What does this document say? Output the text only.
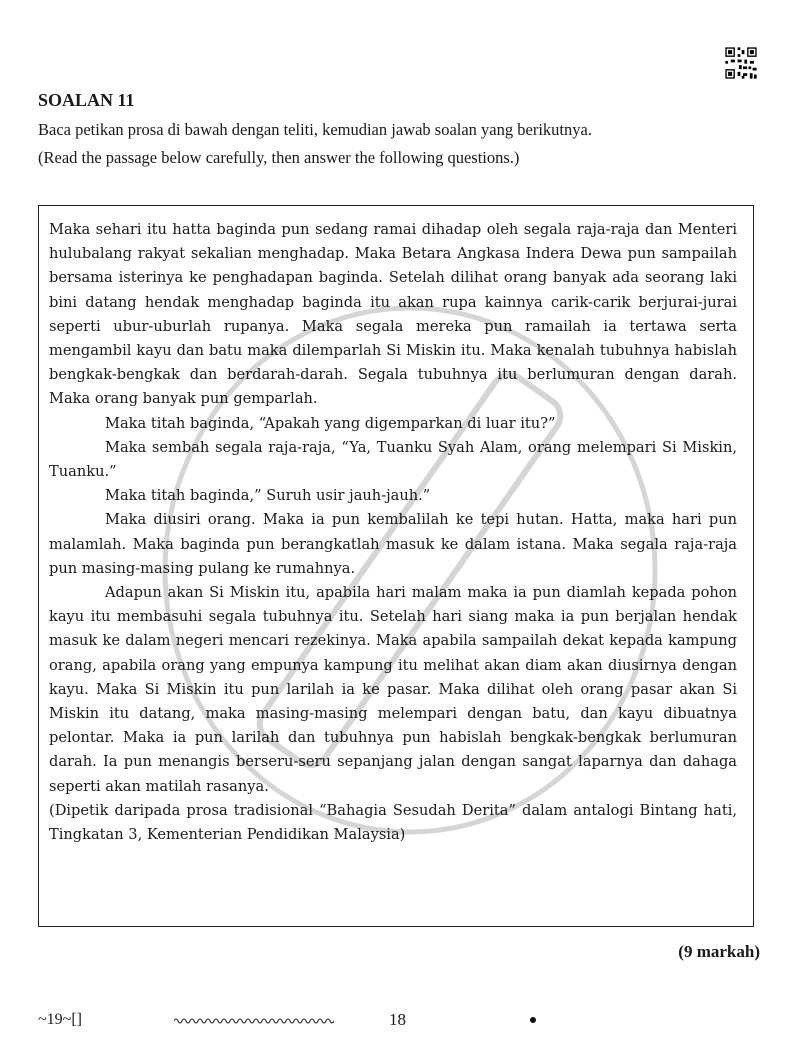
SOALAN 11
Baca petikan prosa di bawah dengan teliti, kemudian jawab soalan yang berikutnya.
(Read the passage below carefully, then answer the following questions.)

Maka sehari itu hatta baginda pun sedang ramai dihadap oleh segala raja-raja dan Menteri hulubalang rakyat sekalian menghadap. Maka Betara Angkasa Indera Dewa pun sampailah bersama isterinya ke penghadapan baginda. Setelah dilihat orang banyak ada seorang laki bini datang hendak menghadap baginda itu akan rupa kainnya carik-carik berjurai-jurai seperti ubur-uburlah rupanya. Maka segala mereka pun ramailah ia tertawa serta mengambil kayu dan batu maka dilemparlah Si Miskin itu. Maka kenalah tubuhnya habislah bengkak-bengkak dan berdarah-darah. Segala tubuhnya itu berlumuran dengan darah. Maka orang banyak pun gemparlah.

Maka titah baginda, “Apakah yang digemparkan di luar itu?”

Maka sembah segala raja-raja, “Ya, Tuanku Syah Alam, orang melempari Si Miskin, Tuanku.”

Maka titah baginda,” Suruh usir jauh-jauh.”

Maka diusiri orang. Maka ia pun kembalilah ke tepi hutan. Hatta, maka hari pun malamlah. Maka baginda pun berangkatlah masuk ke dalam istana. Maka segala raja-raja pun masing-masing pulang ke rumahnya.

Adapun akan Si Miskin itu, apabila hari malam maka ia pun diamlah kepada pohon kayu itu membasuhi segala tubuhnya itu. Setelah hari siang maka ia pun berjalan hendak masuk ke dalam negeri mencari rezekinya. Maka apabila sampailah dekat kepada kampung orang, apabila orang yang empunya kampung itu melihat akan diam akan diusirnya dengan kayu. Maka Si Miskin itu pun larilah ia ke pasar. Maka dilihat oleh orang pasar akan Si Miskin itu datang, maka masing-masing melempari dengan batu, dan kayu dibuatnya pelontar. Maka ia pun larilah dan tubuhnya pun habislah bengkak-bengkak berlumuran darah. Ia pun menangis berseru-seru sepanjang jalan dengan sangat laparnya dan dahaga seperti akan matilah rasanya.

(Dipetik daripada prosa tradisional “Bahagia Sesudah Derita” dalam antalogi Bintang hati, Tingkatan 3, Kementerian Pendidikan Malaysia)

(9 markah)
~19~[]	18
